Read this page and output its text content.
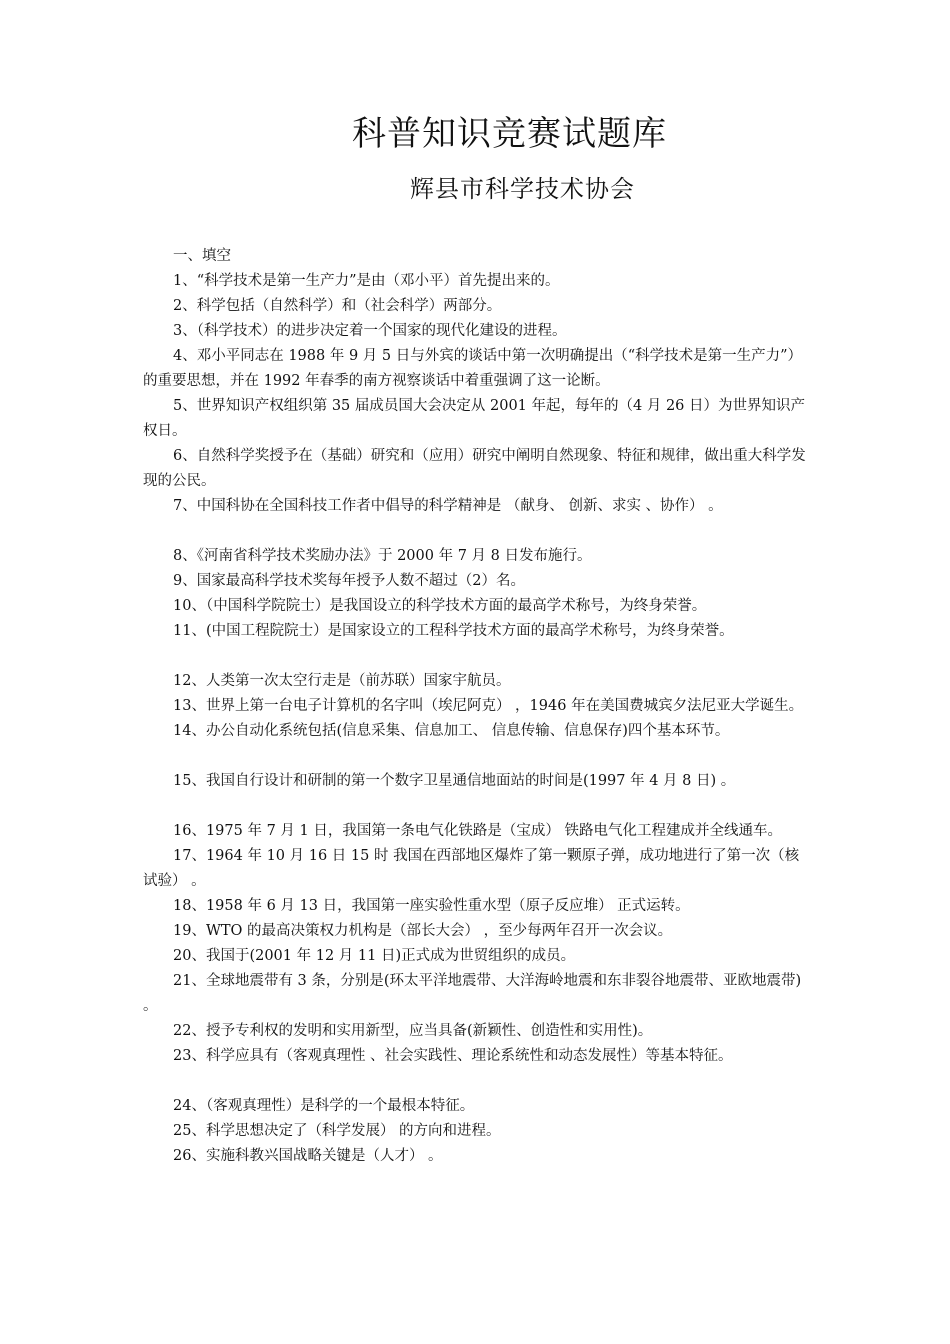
科普知识竞赛试题库
辉县市科学技术协会

一、填空

1、“科学技术是第一生产力”是由（邓小平）首先提出来的。

2、科学包括（自然科学）和（社会科学）两部分。

3、（科学技术）的进步决定着一个国家的现代化建设的进程。

4、邓小平同志在 1988 年 9 月 5 日与外宾的谈话中第一次明确提出（“科学技术是第一生产力”）的重要思想，并在 1992 年春季的南方视察谈话中着重强调了这一论断。

5、世界知识产权组织第 35 届成员国大会决定从 2001 年起，每年的（4 月 26 日）为世界知识产权日。

6、自然科学奖授予在（基础）研究和（应用）研究中阐明自然现象、特征和规律，做出重大科学发现的公民。

7、中国科协在全国科技工作者中倡导的科学精神是 （献身、 创新、求实 、协作） 。

8、《河南省科学技术奖励办法》于 2000 年 7 月 8 日发布施行。

9、国家最高科学技术奖每年授予人数不超过（2）名。

10、（中国科学院院士）是我国设立的科学技术方面的最高学术称号，为终身荣誉。

11、(中国工程院院士）是国家设立的工程科学技术方面的最高学术称号，为终身荣誉。

12、人类第一次太空行走是（前苏联）国家宇航员。

13、世界上第一台电子计算机的名字叫（埃尼阿克） ，1946 年在美国费城宾夕法尼亚大学诞生。

14、办公自动化系统包括(信息采集、信息加工、 信息传输、信息保存)四个基本环节。

15、我国自行设计和研制的第一个数字卫星通信地面站的时间是(1997 年 4 月 8 日) 。

16、1975 年 7 月 1 日，我国第一条电气化铁路是（宝成） 铁路电气化工程建成并全线通车。

17、1964 年 10 月 16 日 15 时 我国在西部地区爆炸了第一颗原子弹，成功地进行了第一次（核试验） 。

18、1958 年 6 月 13 日，我国第一座实验性重水型（原子反应堆） 正式运转。

19、WTO 的最高决策权力机构是（部长大会） ，至少每两年召开一次会议。

20、我国于(2001 年 12 月 11 日)正式成为世贸组织的成员。

21、全球地震带有 3 条，分别是(环太平洋地震带、大洋海岭地震和东非裂谷地震带、亚欧地震带) 。

22、授予专利权的发明和实用新型，应当具备(新颖性、创造性和实用性)。

23、科学应具有（客观真理性 、社会实践性、理论系统性和动态发展性）等基本特征。

24、（客观真理性）是科学的一个最根本特征。

25、科学思想决定了（科学发展） 的方向和进程。

26、实施科教兴国战略关键是（人才） 。
